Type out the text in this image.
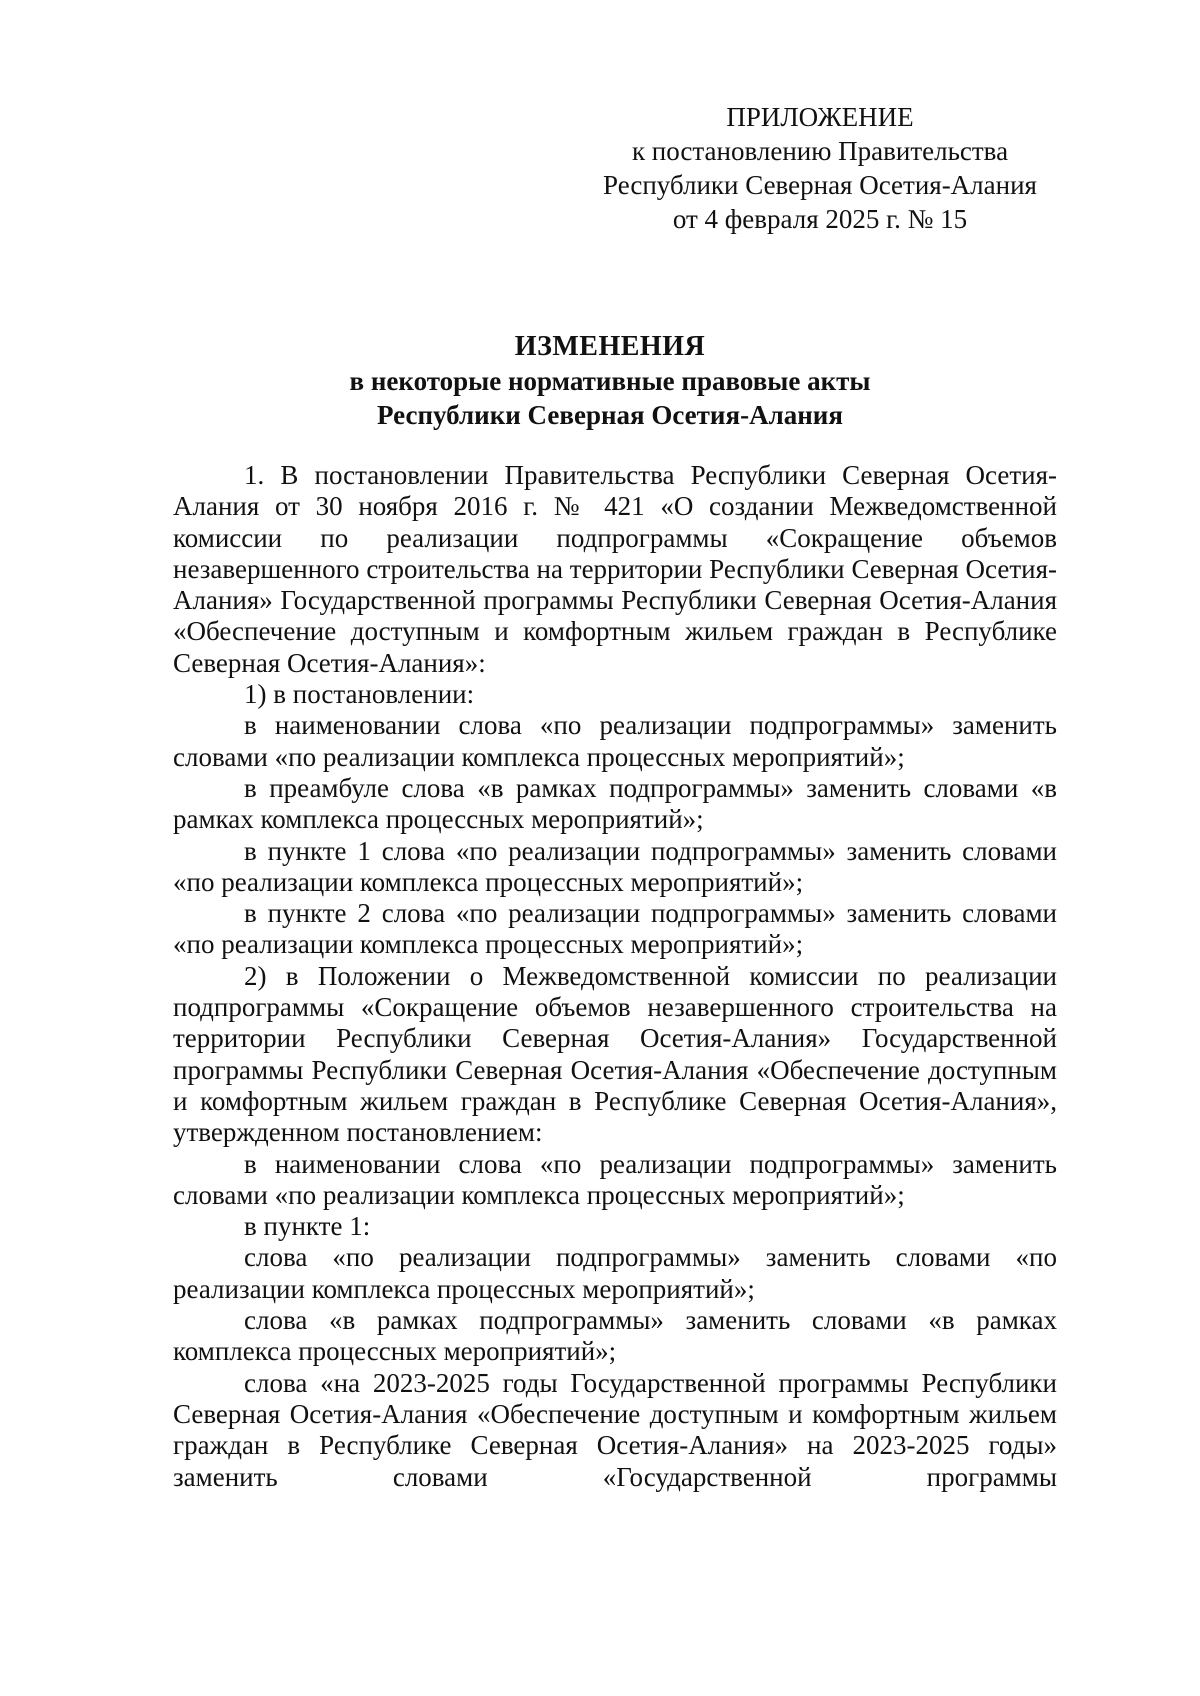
ПРИЛОЖЕНИЕ
к постановлению Правительства
Республики Северная Осетия-Алания
от 4 февраля 2025 г. № 15
ИЗМЕНЕНИЯ
в некоторые нормативные правовые акты
Республики Северная Осетия-Алания

1. В постановлении Правительства Республики Северная Осетия-Алания от 30 ноября 2016 г. № 421 «О создании Межведомственной комиссии по реализации подпрограммы «Сокращение объемов незавершенного строительства на территории Республики Северная Осетия-Алания» Государственной программы Республики Северная Осетия-Алания «Обеспечение доступным и комфортным жильем граждан в Республике Северная Осетия-Алания»:

1) в постановлении:

в наименовании слова «по реализации подпрограммы» заменить словами «по реализации комплекса процессных мероприятий»;

в преамбуле слова «в рамках подпрограммы» заменить словами «в рамках комплекса процессных мероприятий»;

в пункте 1 слова «по реализации подпрограммы» заменить словами «по реализации комплекса процессных мероприятий»;

в пункте 2 слова «по реализации подпрограммы» заменить словами «по реализации комплекса процессных мероприятий»;

2) в Положении о Межведомственной комиссии по реализации подпрограммы «Сокращение объемов незавершенного строительства на территории Республики Северная Осетия-Алания» Государственной программы Республики Северная Осетия-Алания «Обеспечение доступным и комфортным жильем граждан в Республике Северная Осетия-Алания», утвержденном постановлением:

в наименовании слова «по реализации подпрограммы» заменить словами «по реализации комплекса процессных мероприятий»;

в пункте 1:

слова «по реализации подпрограммы» заменить словами «по реализации комплекса процессных мероприятий»;

слова «в рамках подпрограммы» заменить словами «в рамках комплекса процессных мероприятий»;

слова «на 2023-2025 годы Государственной программы Республики Северная Осетия-Алания «Обеспечение доступным и комфортным жильем граждан в Республике Северная Осетия-Алания» на 2023-2025 годы» заменить словами «Государственной программы
